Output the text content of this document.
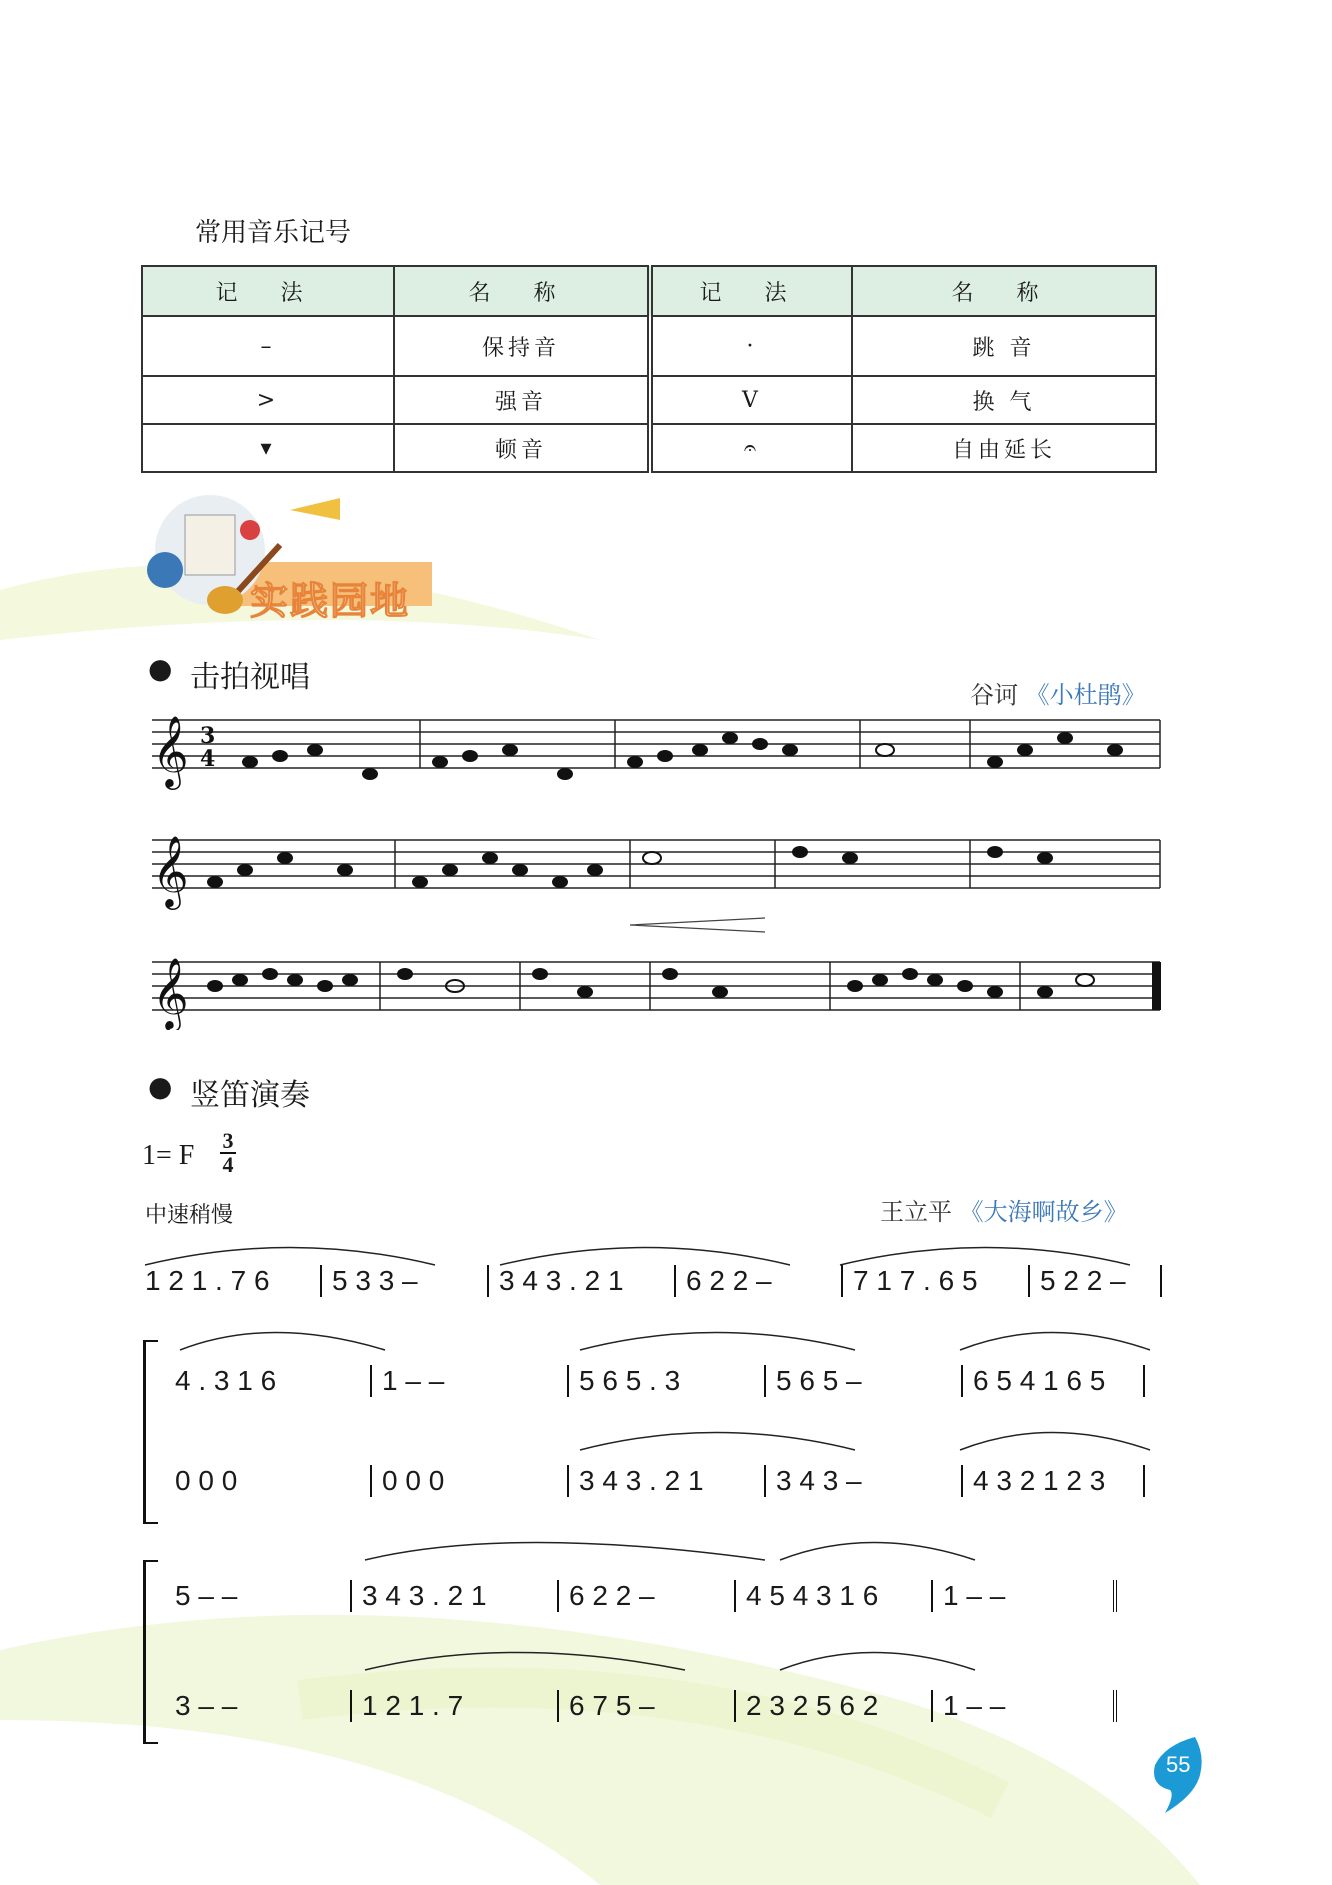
常用音乐记号
记 法	名 称	记 法	名 称
–	保持音	·	跳 音
>	强音	V	换 气
▾	顿音	𝄐	自由延长
实践园地
● 击拍视唱	谷诃 《小杜鹃》
𝄞
𝄞
𝄞
3
4
● 竖笛演奏
1= F 3
4
中速稍慢	王立平 《大海啊故乡》
1 2 1 . 7 6	5 3 3 –	3 4 3 . 2 1	6 2 2 –	7 1 7 . 6 5	5 2 2 –
4 . 3 1 6	1 – –	5 6 5 . 3	5 6 5 –	6 5 4 1 6 5
0 0 0	0 0 0	3 4 3 . 2 1	3 4 3 –	4 3 2 1 2 3
5 – –	3 4 3 . 2 1	6 2 2 –	4 5 4 3 1 6	1 – –
3 – –	1 2 1 . 7	6 7 5 –	2 3 2 5 6 2	1 – –
55
